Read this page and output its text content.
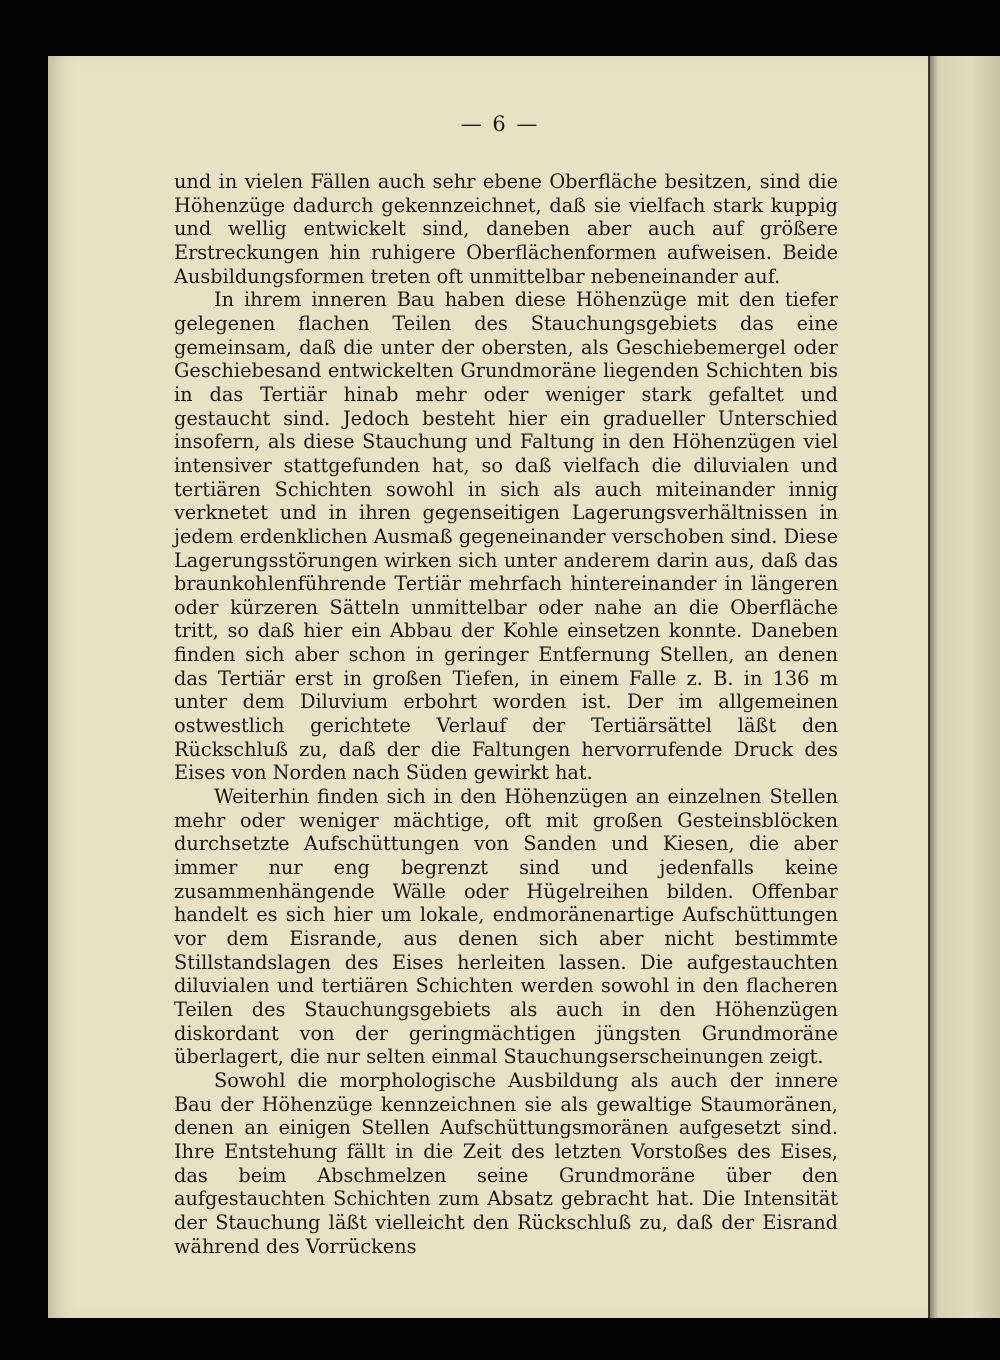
— 6 —

und in vielen Fällen auch sehr ebene Oberfläche besitzen, sind die Höhenzüge dadurch gekennzeichnet, daß sie vielfach stark kuppig und wellig entwickelt sind, daneben aber auch auf größere Erstreckungen hin ruhigere Oberflächenformen aufweisen. Beide Ausbildungsformen treten oft unmittelbar nebeneinander auf.

In ihrem inneren Bau haben diese Höhenzüge mit den tiefer gelegenen flachen Teilen des Stauchungsgebiets das eine gemeinsam, daß die unter der obersten, als Geschiebemergel oder Geschiebesand entwickelten Grundmoräne liegenden Schichten bis in das Tertiär hinab mehr oder weniger stark gefaltet und gestaucht sind. Jedoch besteht hier ein gradueller Unterschied insofern, als diese Stauchung und Faltung in den Höhenzügen viel intensiver stattgefunden hat, so daß vielfach die diluvialen und tertiären Schichten sowohl in sich als auch miteinander innig verknetet und in ihren gegenseitigen Lagerungsverhältnissen in jedem erdenklichen Ausmaß gegeneinander verschoben sind. Diese Lagerungsstörungen wirken sich unter anderem darin aus, daß das braunkohlenführende Tertiär mehrfach hintereinander in längeren oder kürzeren Sätteln unmittelbar oder nahe an die Oberfläche tritt, so daß hier ein Abbau der Kohle einsetzen konnte. Daneben finden sich aber schon in geringer Entfernung Stellen, an denen das Tertiär erst in großen Tiefen, in einem Falle z. B. in 136 m unter dem Diluvium erbohrt worden ist. Der im allgemeinen ostwestlich gerichtete Verlauf der Tertiärsättel läßt den Rückschluß zu, daß der die Faltungen hervorrufende Druck des Eises von Norden nach Süden gewirkt hat.

Weiterhin finden sich in den Höhenzügen an einzelnen Stellen mehr oder weniger mächtige, oft mit großen Gesteinsblöcken durchsetzte Aufschüttungen von Sanden und Kiesen, die aber immer nur eng begrenzt sind und jedenfalls keine zusammenhängende Wälle oder Hügelreihen bilden. Offenbar handelt es sich hier um lokale, endmoränenartige Aufschüttungen vor dem Eisrande, aus denen sich aber nicht bestimmte Stillstandslagen des Eises herleiten lassen. Die aufgestauchten diluvialen und tertiären Schichten werden sowohl in den flacheren Teilen des Stauchungsgebiets als auch in den Höhenzügen diskordant von der geringmächtigen jüngsten Grundmoräne überlagert, die nur selten einmal Stauchungserscheinungen zeigt.

Sowohl die morphologische Ausbildung als auch der innere Bau der Höhenzüge kennzeichnen sie als gewaltige Staumoränen, denen an einigen Stellen Aufschüttungsmoränen aufgesetzt sind. Ihre Entstehung fällt in die Zeit des letzten Vorstoßes des Eises, das beim Abschmelzen seine Grundmoräne über den aufgestauchten Schichten zum Absatz gebracht hat. Die Intensität der Stauchung läßt vielleicht den Rückschluß zu, daß der Eisrand während des Vorrückens
